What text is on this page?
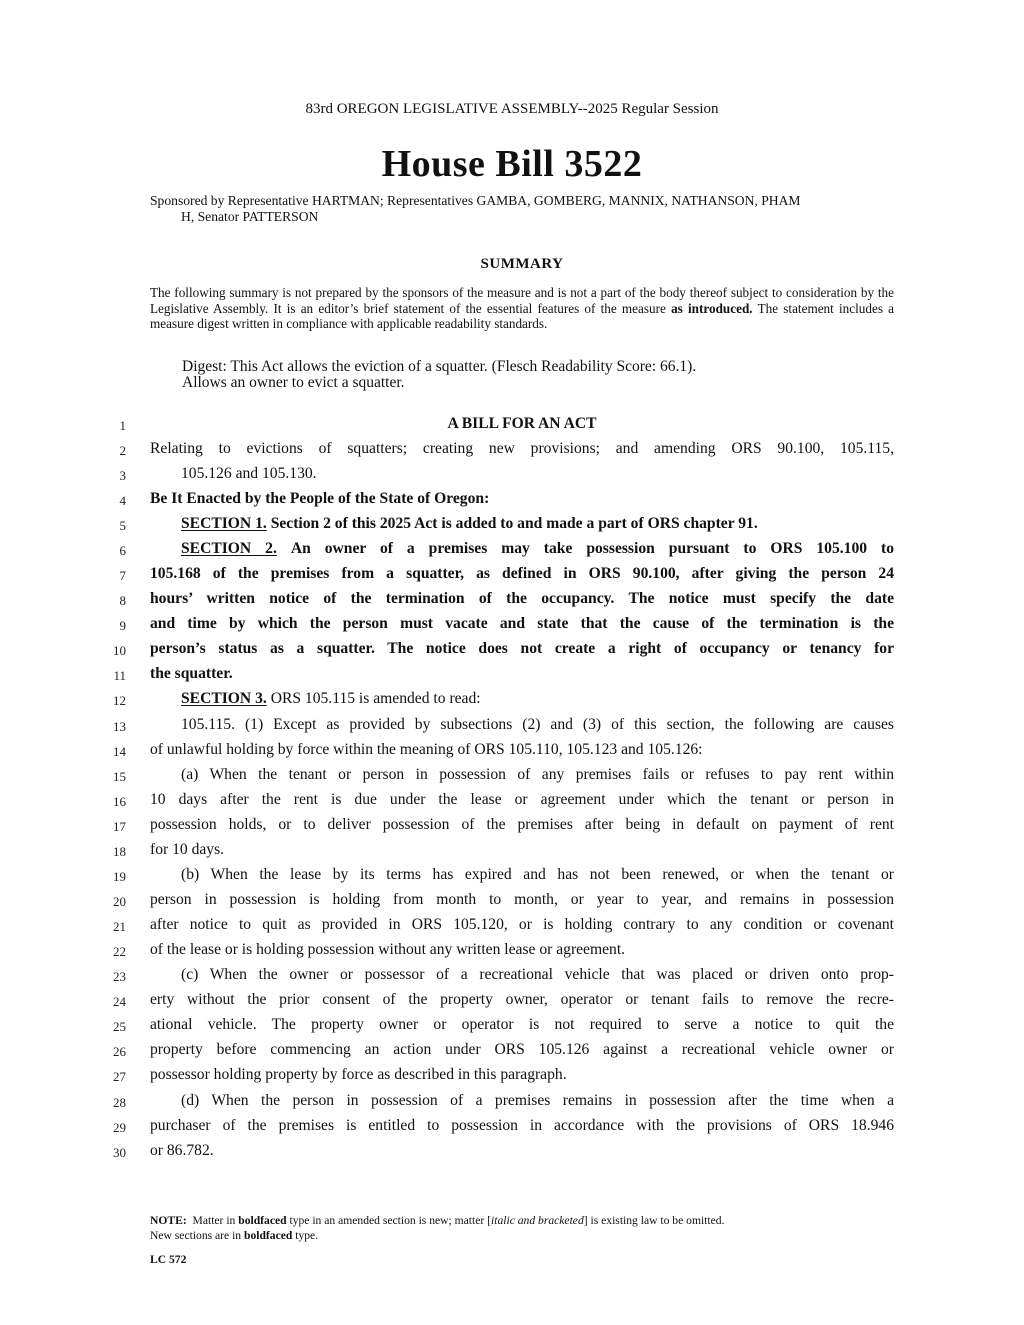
83rd OREGON LEGISLATIVE ASSEMBLY--2025 Regular Session
House Bill 3522
Sponsored by Representative HARTMAN; Representatives GAMBA, GOMBERG, MANNIX, NATHANSON, PHAM
H, Senator PATTERSON
SUMMARY
The following summary is not prepared by the sponsors of the measure and is not a part of the body thereof subject to consideration by the Legislative Assembly. It is an editor’s brief statement of the essential features of the measure as introduced. The statement includes a measure digest written in compliance with applicable readability standards.
Digest: This Act allows the eviction of a squatter. (Flesch Readability Score: 66.1).
Allows an owner to evict a squatter.
1
2
3
4
5
6
7
8
9
10
11
12
13
14
15
16
17
18
19
20
21
22
23
24
25
26
27
28
29
30
A BILL FOR AN ACT
Relating to evictions of squatters; creating new provisions; and amending ORS 90.100, 105.115,
105.126 and 105.130.
Be It Enacted by the People of the State of Oregon:
SECTION 1. Section 2 of this 2025 Act is added to and made a part of ORS chapter 91.
SECTION 2. An owner of a premises may take possession pursuant to ORS 105.100 to
105.168 of the premises from a squatter, as defined in ORS 90.100, after giving the person 24
hours’ written notice of the termination of the occupancy. The notice must specify the date
and time by which the person must vacate and state that the cause of the termination is the
person’s status as a squatter. The notice does not create a right of occupancy or tenancy for
the squatter.
SECTION 3. ORS 105.115 is amended to read:
105.115. (1) Except as provided by subsections (2) and (3) of this section, the following are causes
of unlawful holding by force within the meaning of ORS 105.110, 105.123 and 105.126:
(a) When the tenant or person in possession of any premises fails or refuses to pay rent within
10 days after the rent is due under the lease or agreement under which the tenant or person in
possession holds, or to deliver possession of the premises after being in default on payment of rent
for 10 days.
(b) When the lease by its terms has expired and has not been renewed, or when the tenant or
person in possession is holding from month to month, or year to year, and remains in possession
after notice to quit as provided in ORS 105.120, or is holding contrary to any condition or covenant
of the lease or is holding possession without any written lease or agreement.
(c) When the owner or possessor of a recreational vehicle that was placed or driven onto prop-
erty without the prior consent of the property owner, operator or tenant fails to remove the recre-
ational vehicle. The property owner or operator is not required to serve a notice to quit the
property before commencing an action under ORS 105.126 against a recreational vehicle owner or
possessor holding property by force as described in this paragraph.
(d) When the person in possession of a premises remains in possession after the time when a
purchaser of the premises is entitled to possession in accordance with the provisions of ORS 18.946
or 86.782.
NOTE: Matter in boldfaced type in an amended section is new; matter [italic and bracketed] is existing law to be omitted.
New sections are in boldfaced type.
LC 572
